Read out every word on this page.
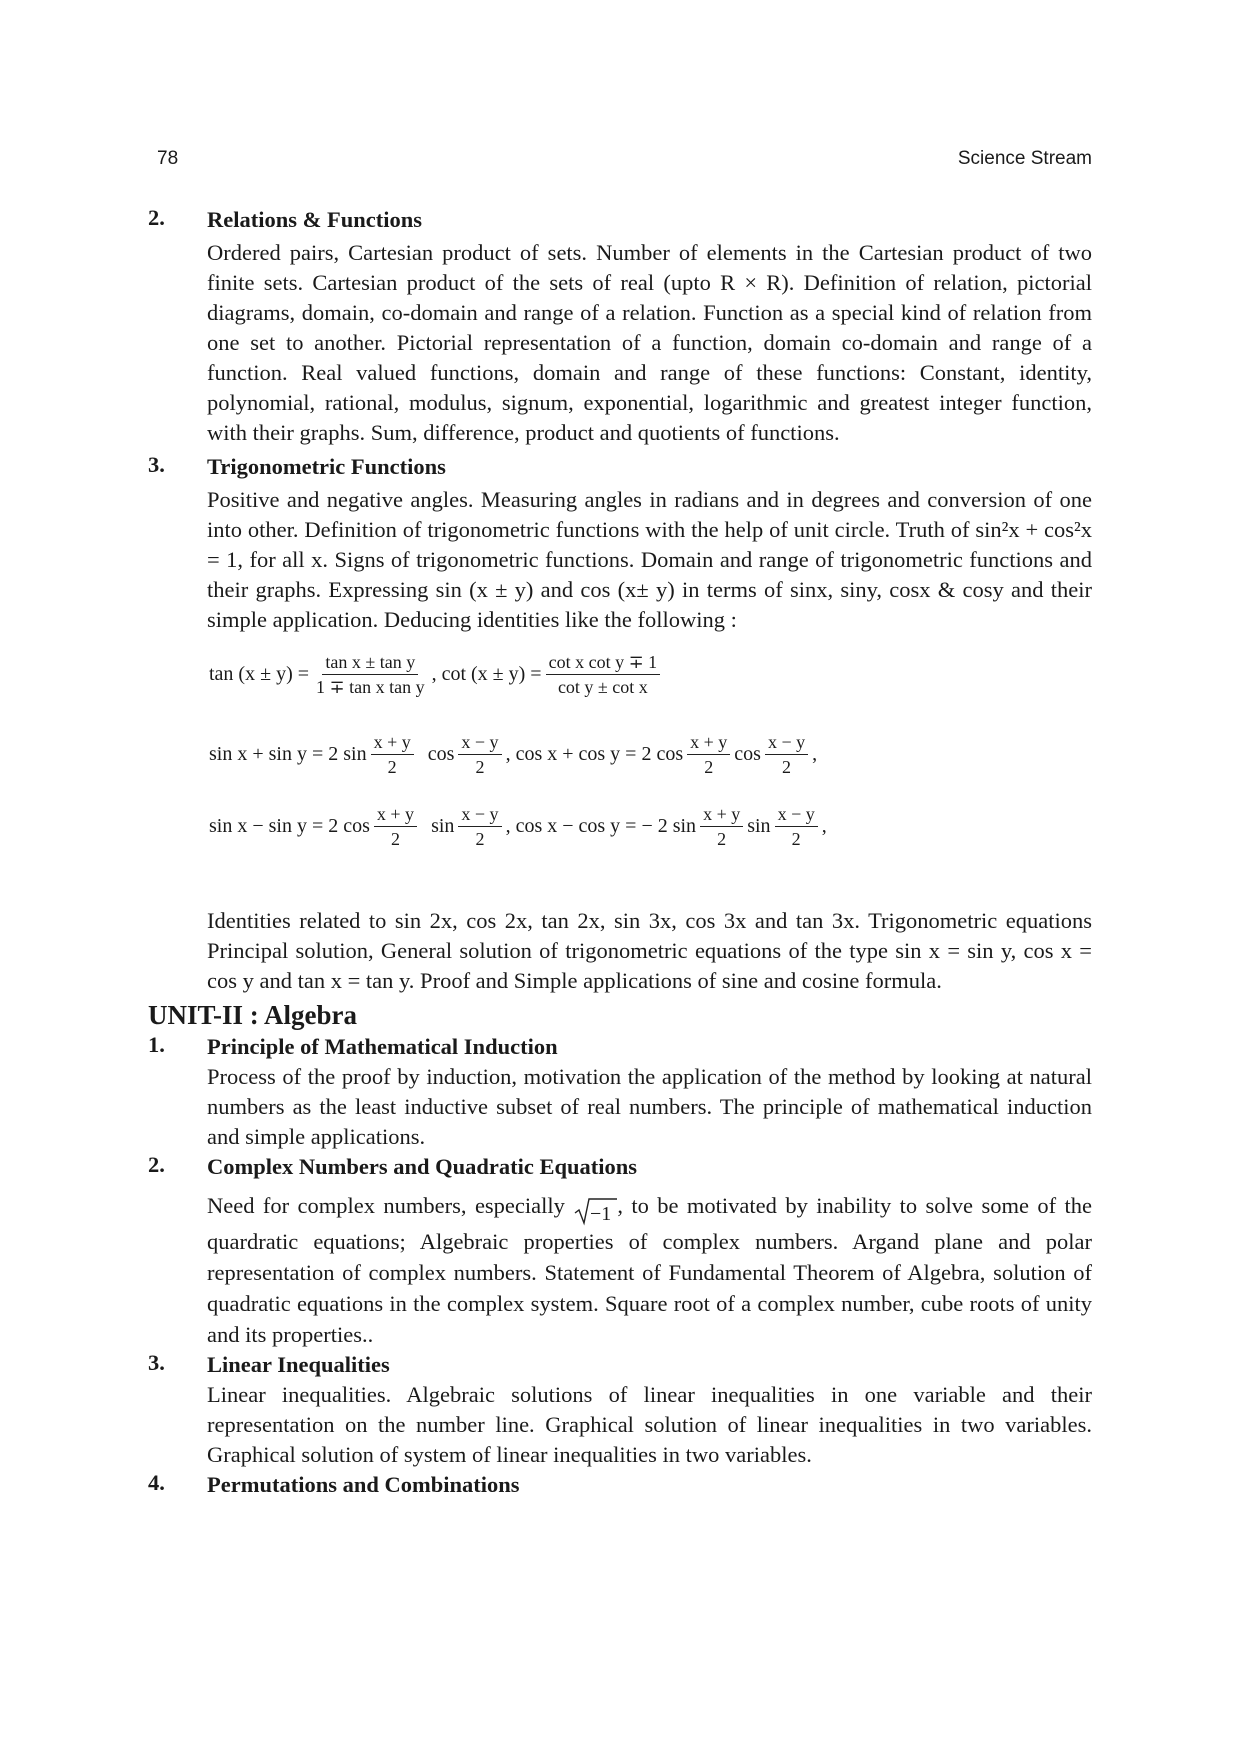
78	Science Stream
2. Relations & Functions
Ordered pairs, Cartesian product of sets. Number of elements in the Cartesian product of two finite sets. Cartesian product of the sets of real (upto R × R). Definition of relation, pictorial diagrams, domain, co-domain and range of a relation. Function as a special kind of relation from one set to another. Pictorial representation of a function, domain co-domain and range of a function. Real valued functions, domain and range of these functions: Constant, identity, polynomial, rational, modulus, signum, exponential, logarithmic and greatest integer function, with their graphs. Sum, difference, product and quotients of functions.
3. Trigonometric Functions
Positive and negative angles. Measuring angles in radians and in degrees and conversion of one into other. Definition of trigonometric functions with the help of unit circle. Truth of sin²x + cos²x = 1, for all x. Signs of trigonometric functions. Domain and range of trigonometric functions and their graphs. Expressing sin (x ± y) and cos (x± y) in terms of sinx, siny, cosx & cosy and their simple application. Deducing identities like the following :
$\tan (x \pm y) = \frac{\text{tan x ± tan y}}{\text{1 ∓ tan x tan y}}$ , $\cot (x \pm y) = \frac{\text{cot x cot y ∓ 1}}{\text{cot y ± cot x}}$
sin x + sin y = 2 $\sin \frac{x + y}{2}$ $\cos \frac{x - y}{2}$ , cos x + cos y = 2 $\cos \frac{x + y}{2}$ $\cos \frac{x - y}{2}$ ,
sin x − sin y = 2 $\cos \frac{x + y}{2}$ $\sin \frac{x - y}{2}$ , cos x − cos y = − 2 $\sin \frac{x + y}{2}$ $\sin \frac{x - y}{2}$ ,
Identities related to sin 2x, cos 2x, tan 2x, sin 3x, cos 3x and tan 3x. Trigonometric equations Principal solution, General solution of trigonometric equations of the type sin x = sin y, cos x = cos y and tan x = tan y. Proof and Simple applications of sine and cosine formula.
UNIT-II : Algebra
1. Principle of Mathematical Induction
Process of the proof by induction, motivation the application of the method by looking at natural numbers as the least inductive subset of real numbers. The principle of mathematical induction and simple applications.
2. Complex Numbers and Quadratic Equations
Need for complex numbers, especially −1 , to be motivated by inability to solve some of the quardratic equations; Algebraic properties of complex numbers. Argand plane and polar representation of complex numbers. Statement of Fundamental Theorem of Algebra, solution of quadratic equations in the complex system. Square root of a complex number, cube roots of unity and its properties..
3. Linear Inequalities
Linear inequalities. Algebraic solutions of linear inequalities in one variable and their representation on the number line. Graphical solution of linear inequalities in two variables. Graphical solution of system of linear inequalities in two variables.
4. Permutations and Combinations
